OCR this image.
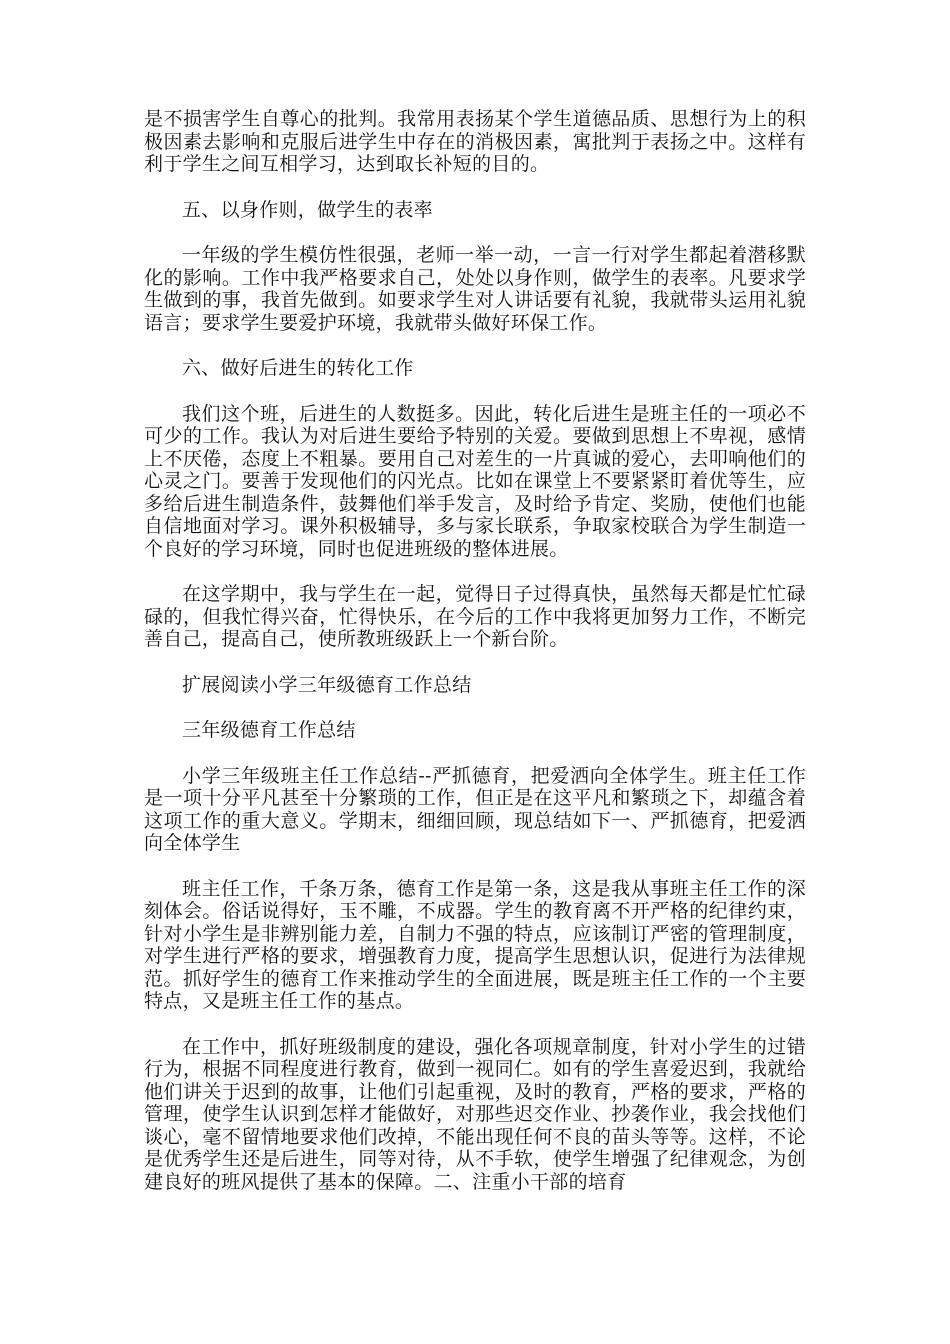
是不损害学生自尊心的批判。我常用表扬某个学生道德品质、思想行为上的积极因素去影响和克服后进学生中存在的消极因素，寓批判于表扬之中。这样有利于学生之间互相学习，达到取长补短的目的。

五、以身作则，做学生的表率

一年级的学生模仿性很强，老师一举一动，一言一行对学生都起着潜移默化的影响。工作中我严格要求自己，处处以身作则，做学生的表率。凡要求学生做到的事，我首先做到。如要求学生对人讲话要有礼貌，我就带头运用礼貌语言；要求学生要爱护环境，我就带头做好环保工作。

六、做好后进生的转化工作

我们这个班，后进生的人数挺多。因此，转化后进生是班主任的一项必不可少的工作。我认为对后进生要给予特别的关爱。要做到思想上不卑视，感情上不厌倦，态度上不粗暴。要用自己对差生的一片真诚的爱心，去叩响他们的心灵之门。要善于发现他们的闪光点。比如在课堂上不要紧紧盯着优等生，应多给后进生制造条件，鼓舞他们举手发言，及时给予肯定、奖励，使他们也能自信地面对学习。课外积极辅导，多与家长联系，争取家校联合为学生制造一个良好的学习环境，同时也促进班级的整体进展。

在这学期中，我与学生在一起，觉得日子过得真快，虽然每天都是忙忙碌碌的，但我忙得兴奋，忙得快乐，在今后的工作中我将更加努力工作，不断完善自己，提高自己，使所教班级跃上一个新台阶。

扩展阅读小学三年级德育工作总结

三年级德育工作总结

小学三年级班主任工作总结--严抓德育，把爱洒向全体学生。班主任工作是一项十分平凡甚至十分繁琐的工作，但正是在这平凡和繁琐之下，却蕴含着这项工作的重大意义。学期末，细细回顾，现总结如下一、严抓德育，把爱洒向全体学生

班主任工作，千条万条，德育工作是第一条，这是我从事班主任工作的深刻体会。俗话说得好，玉不雕，不成器。学生的教育离不开严格的纪律约束，针对小学生是非辨别能力差，自制力不强的特点，应该制订严密的管理制度，对学生进行严格的要求，增强教育力度，提高学生思想认识，促进行为法律规范。抓好学生的德育工作来推动学生的全面进展，既是班主任工作的一个主要特点，又是班主任工作的基点。

在工作中，抓好班级制度的建设，强化各项规章制度，针对小学生的过错行为，根据不同程度进行教育，做到一视同仁。如有的学生喜爱迟到，我就给他们讲关于迟到的故事，让他们引起重视，及时的教育，严格的要求，严格的管理，使学生认识到怎样才能做好，对那些迟交作业、抄袭作业，我会找他们谈心，毫不留情地要求他们改掉，不能出现任何不良的苗头等等。这样，不论是优秀学生还是后进生，同等对待，从不手软，使学生增强了纪律观念，为创建良好的班风提供了基本的保障。二、注重小干部的培育
